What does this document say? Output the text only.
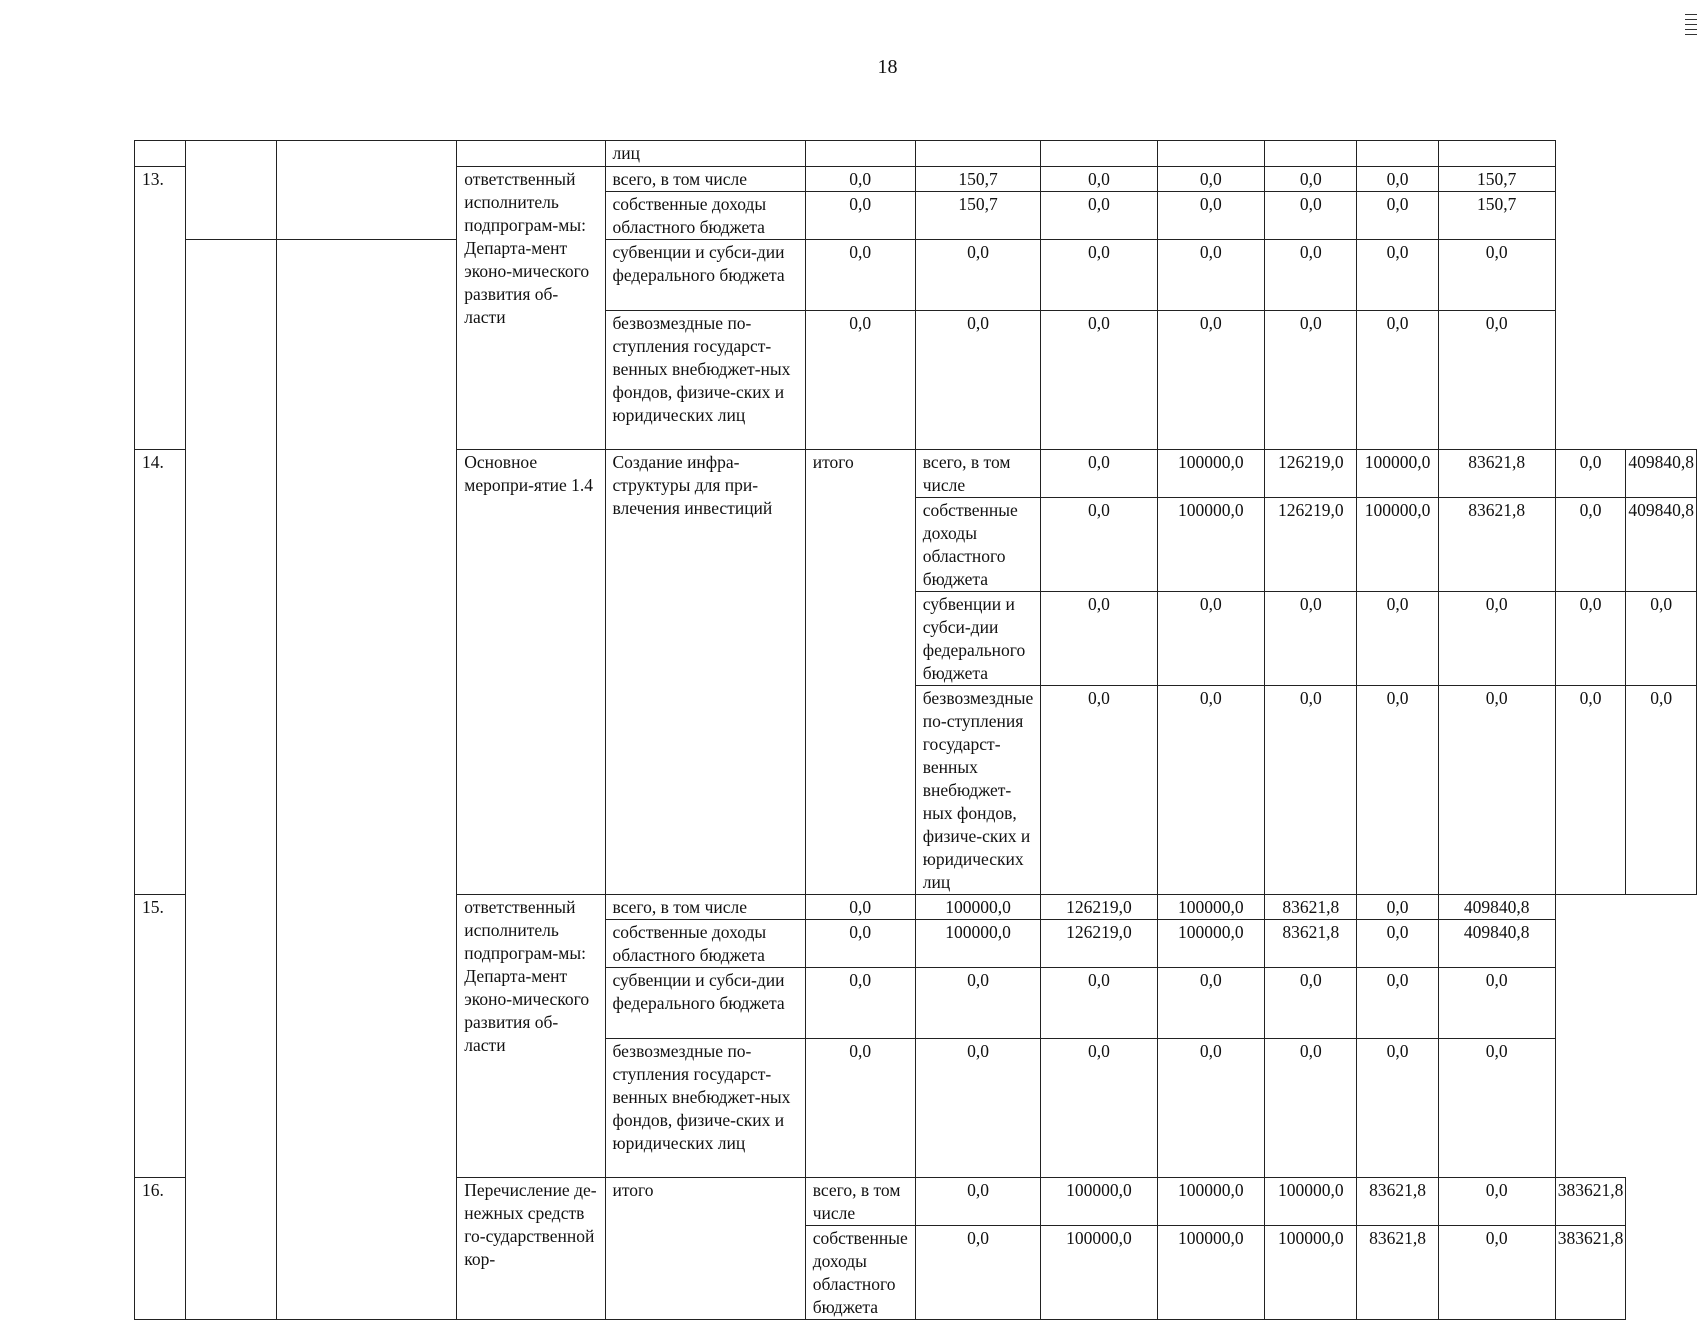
18
				лиц									
13.			ответственный исполнитель подпрограм-мы: Департа-мент эконо-мического развития об-ласти	всего, в том числе	0,0	150,7	0,0	0,0	0,0	0,0	150,7		
				собственные доходы областного бюджета	0,0	150,7	0,0	0,0	0,0	0,0	150,7		
				субвенции и субси-дии федерального бюджета	0,0	0,0	0,0	0,0	0,0	0,0	0,0		
				безвозмездные по-ступления государст-венных внебюджет-ных фондов, физиче-ских и юридических лиц	0,0	0,0	0,0	0,0	0,0	0,0	0,0		
14.			Основное меропри-ятие 1.4	Создание инфра-структуры для при-влечения инвестиций	итого	всего, в том числе	0,0	100000,0	126219,0	100000,0	83621,8	0,0	409840,8
						собственные доходы областного бюджета	0,0	100000,0	126219,0	100000,0	83621,8	0,0	409840,8
						субвенции и субси-дии федерального бюджета	0,0	0,0	0,0	0,0	0,0	0,0	0,0
						безвозмездные по-ступления государст-венных внебюджет-ных фондов, физиче-ских и юридических лиц	0,0	0,0	0,0	0,0	0,0	0,0	0,0
15.			ответственный исполнитель подпрограм-мы: Департа-мент эконо-мического развития об-ласти	всего, в том числе	0,0	100000,0	126219,0	100000,0	83621,8	0,0	409840,8		
				собственные доходы областного бюджета	0,0	100000,0	126219,0	100000,0	83621,8	0,0	409840,8		
				субвенции и субси-дии федерального бюджета	0,0	0,0	0,0	0,0	0,0	0,0	0,0		
				безвозмездные по-ступления государст-венных внебюджет-ных фондов, физиче-ских и юридических лиц	0,0	0,0	0,0	0,0	0,0	0,0	0,0		
16.			Перечисление де-нежных средств го-сударственной кор-	итого	всего, в том числе	0,0	100000,0	100000,0	100000,0	83621,8	0,0	383621,8	
					собственные доходы областного бюджета	0,0	100000,0	100000,0	100000,0	83621,8	0,0	383621,8	
